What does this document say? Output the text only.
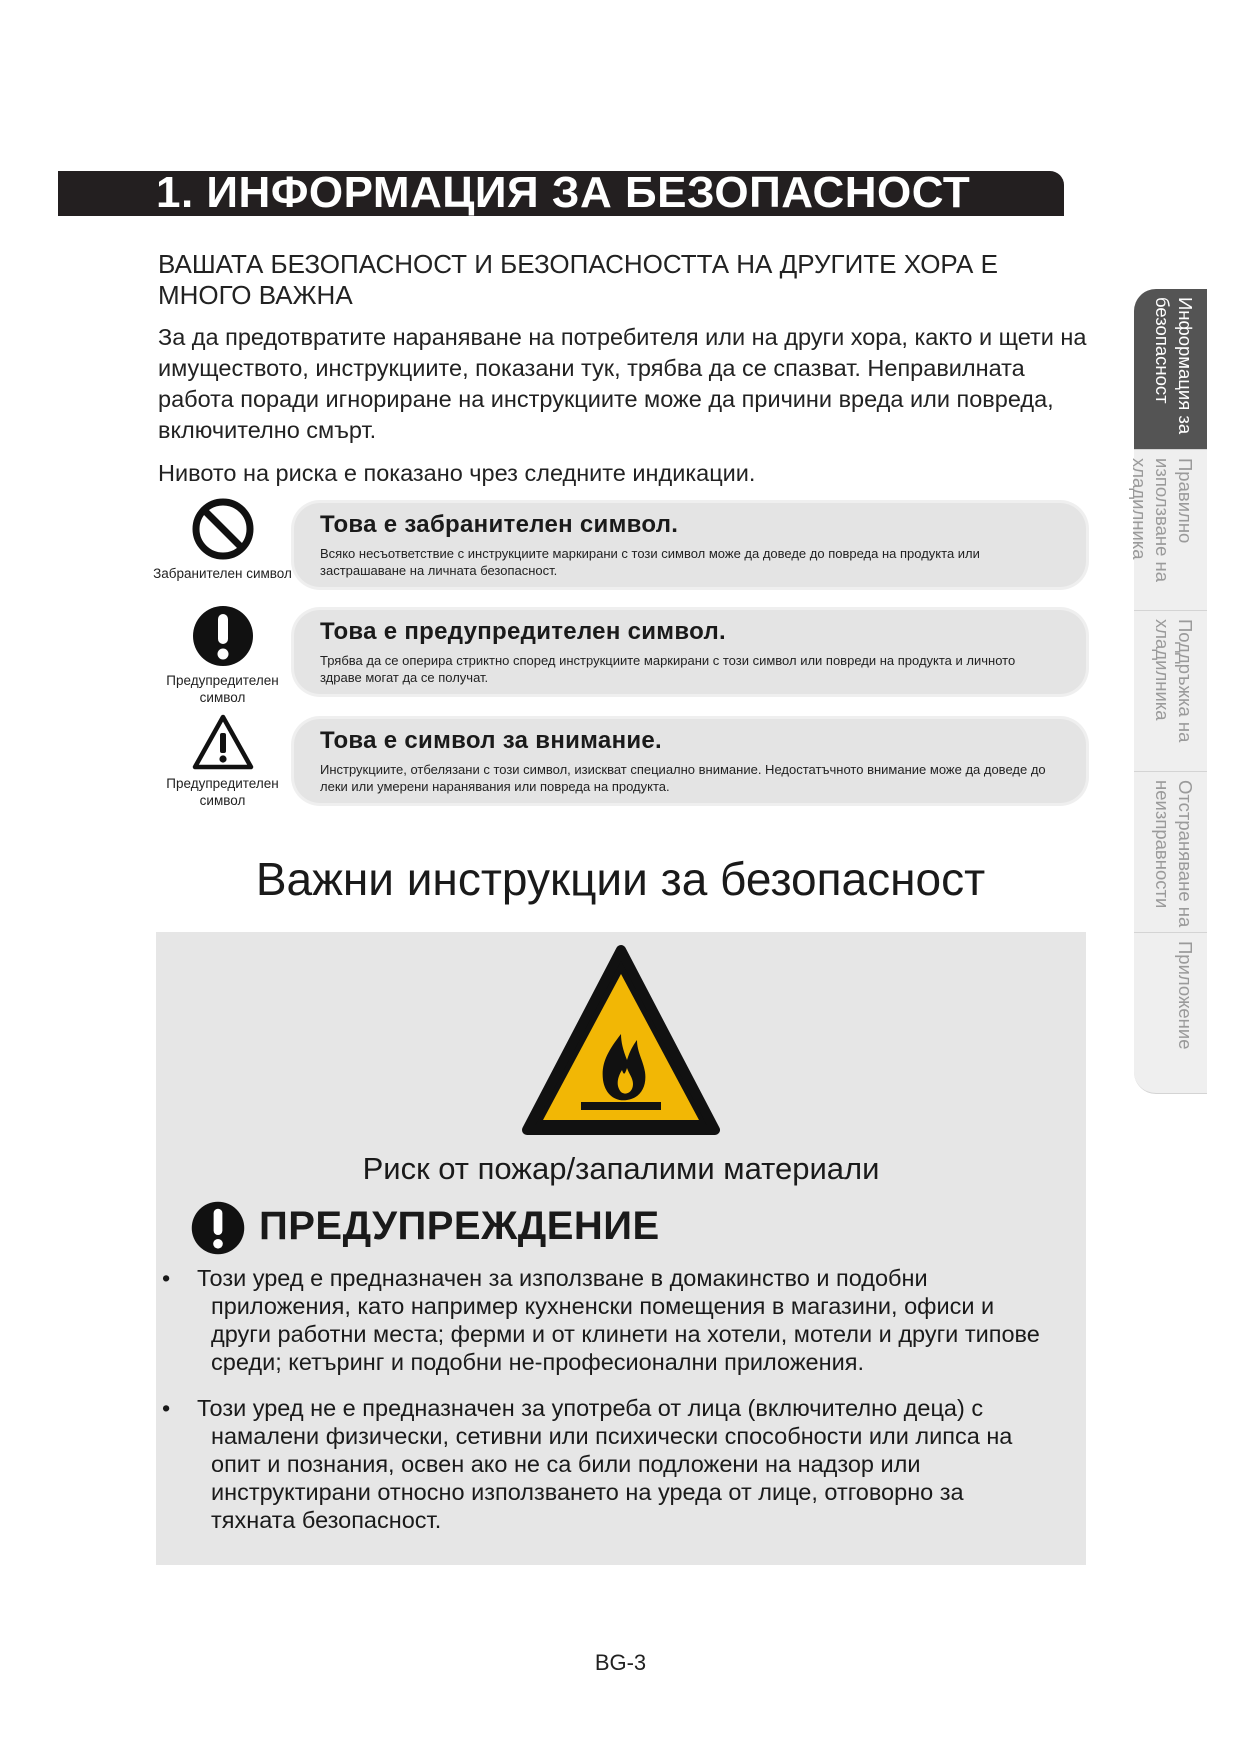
1. ИНФОРМАЦИЯ ЗА БЕЗОПАСНОСТ
ВАШАТА БЕЗОПАСНОСТ И БЕЗОПАСНОСТТА НА ДРУГИТЕ ХОРА Е МНОГО ВАЖНА
За да предотвратите нараняване на потребителя или на други хора, както и щети на имуществото, инструкциите, показани тук, трябва да се спазват. Неправилната работа поради игнориране на инструкциите може да причини вреда или повреда, включително смърт.
Нивото на риска е показано чрез следните индикации.
Забранителен символ
Това е забранителен символ.
Всяко несъответствие с инструкциите маркирани с този символ може да доведе до повреда на продукта или застрашаване на личната безопасност.
Предупредителен символ
Това е предупредителен символ.
Трябва да се оперира стриктно според инструкциите маркирани с този символ или повреди на продукта и личното здраве могат да се получат.
Предупредителен символ
Това е символ за внимание.
Инструкциите, отбелязани с този символ, изискват специално внимание. Недостатъчното внимание може да доведе до леки или умерени наранявания или повреда на продукта.
Важни инструкции за безопасност
Риск от пожар/запалими материали
ПРЕДУПРЕЖДЕНИЕ
• Този уред е предназначен за използване в домакинство и подобни
приложения, като например кухненски помещения в магазини, офиси и други работни места; ферми и от клинети на хотели, мотели и други типове среди; кетъринг и подобни не-професионални приложения.
• Този уред не е предназначен за употреба от лица (включително деца) с
намалени физически, сетивни или психически способности или липса на опит и познания, освен ако не са били подложени на надзор или инструктирани относно използването на уреда от лице, отговорно за тяхната безопасност.
BG-3
Информация за безопасност
Правилно използване на хладилника
Поддръжка на хладилника
Отстраняване на неизправности
Приложение
